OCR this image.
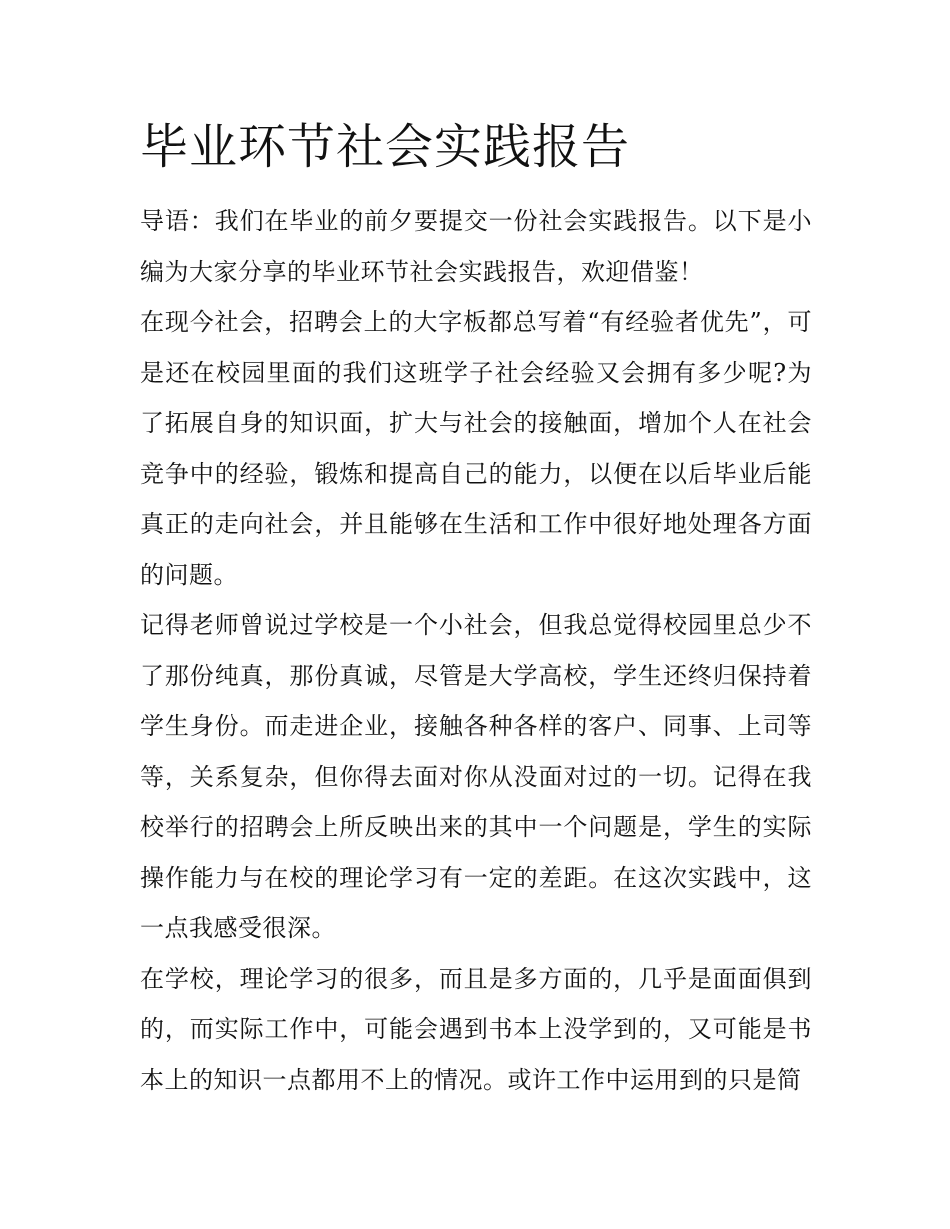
毕业环节社会实践报告

导语：我们在毕业的前夕要提交一份社会实践报告。以下是小编为大家分享的毕业环节社会实践报告，欢迎借鉴！

在现今社会，招聘会上的大字板都总写着“有经验者优先”，可是还在校园里面的我们这班学子社会经验又会拥有多少呢?为了拓展自身的知识面，扩大与社会的接触面，增加个人在社会竞争中的经验，锻炼和提高自己的能力，以便在以后毕业后能真正的走向社会，并且能够在生活和工作中很好地处理各方面的问题。

记得老师曾说过学校是一个小社会，但我总觉得校园里总少不了那份纯真，那份真诚，尽管是大学高校，学生还终归保持着学生身份。而走进企业，接触各种各样的客户、同事、上司等等，关系复杂，但你得去面对你从没面对过的一切。记得在我校举行的招聘会上所反映出来的其中一个问题是，学生的实际操作能力与在校的理论学习有一定的差距。在这次实践中，这一点我感受很深。

在学校，理论学习的很多，而且是多方面的，几乎是面面俱到的，而实际工作中，可能会遇到书本上没学到的，又可能是书本上的知识一点都用不上的情况。或许工作中运用到的只是简
